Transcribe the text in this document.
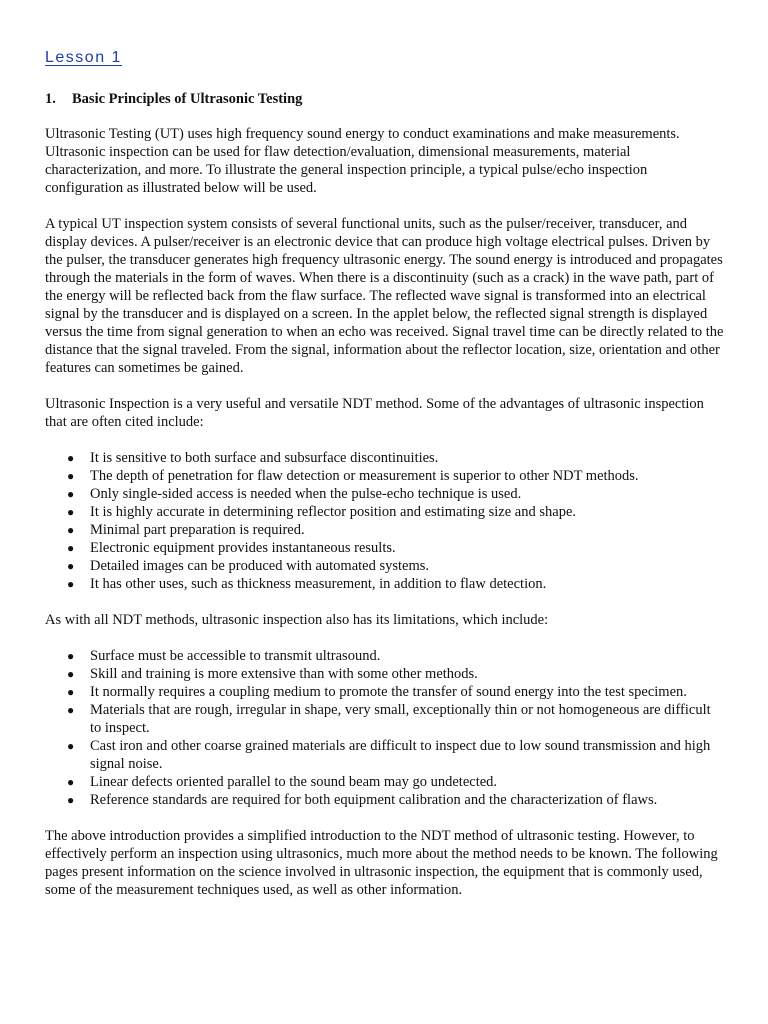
Lesson 1
1. Basic Principles of Ultrasonic Testing

Ultrasonic Testing (UT) uses high frequency sound energy to conduct examinations and make measurements. Ultrasonic inspection can be used for flaw detection/evaluation, dimensional measurements, material characterization, and more. To illustrate the general inspection principle, a typical pulse/echo inspection configuration as illustrated below will be used.

A typical UT inspection system consists of several functional units, such as the pulser/receiver, transducer, and display devices. A pulser/receiver is an electronic device that can produce high voltage electrical pulses. Driven by the pulser, the transducer generates high frequency ultrasonic energy. The sound energy is introduced and propagates through the materials in the form of waves. When there is a discontinuity (such as a crack) in the wave path, part of the energy will be reflected back from the flaw surface. The reflected wave signal is transformed into an electrical signal by the transducer and is displayed on a screen. In the applet below, the reflected signal strength is displayed versus the time from signal generation to when an echo was received. Signal travel time can be directly related to the distance that the signal traveled. From the signal, information about the reflector location, size, orientation and other features can sometimes be gained.

Ultrasonic Inspection is a very useful and versatile NDT method. Some of the advantages of ultrasonic inspection that are often cited include:

● It is sensitive to both surface and subsurface discontinuities.
● The depth of penetration for flaw detection or measurement is superior to other NDT methods.
● Only single-sided access is needed when the pulse-echo technique is used.
● It is highly accurate in determining reflector position and estimating size and shape.
● Minimal part preparation is required.
● Electronic equipment provides instantaneous results.
● Detailed images can be produced with automated systems.
● It has other uses, such as thickness measurement, in addition to flaw detection.

As with all NDT methods, ultrasonic inspection also has its limitations, which include:

● Surface must be accessible to transmit ultrasound.
● Skill and training is more extensive than with some other methods.
● It normally requires a coupling medium to promote the transfer of sound energy into the test specimen.
● Materials that are rough, irregular in shape, very small, exceptionally thin or not homogeneous are difficult to inspect.
● Cast iron and other coarse grained materials are difficult to inspect due to low sound transmission and high signal noise.
● Linear defects oriented parallel to the sound beam may go undetected.
● Reference standards are required for both equipment calibration and the characterization of flaws.

The above introduction provides a simplified introduction to the NDT method of ultrasonic testing. However, to effectively perform an inspection using ultrasonics, much more about the method needs to be known. The following pages present information on the science involved in ultrasonic inspection, the equipment that is commonly used, some of the measurement techniques used, as well as other information.
